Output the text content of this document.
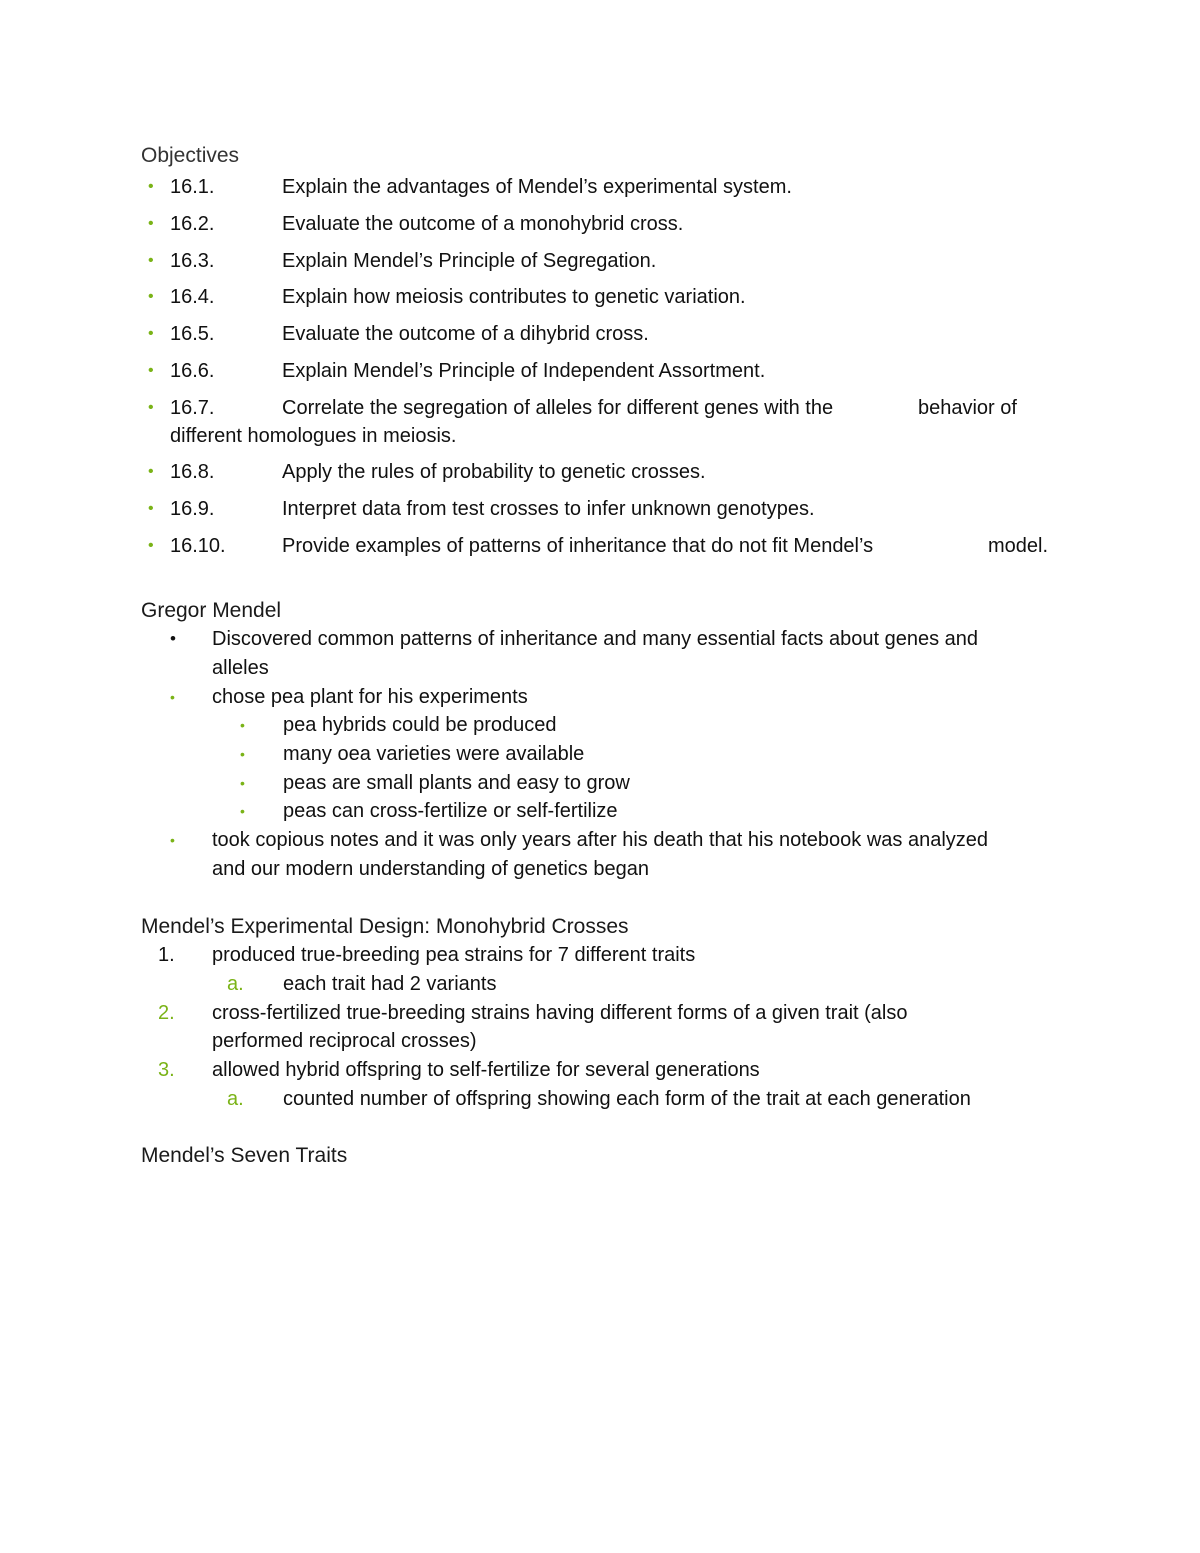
Objectives
• 16.1.	Explain the advantages of Mendel’s experimental system.
• 16.2.	Evaluate the outcome of a monohybrid cross.
• 16.3.	Explain Mendel’s Principle of Segregation.
• 16.4.	Explain how meiosis contributes to genetic variation.
• 16.5.	Evaluate the outcome of a dihybrid cross.
• 16.6.	Explain Mendel’s Principle of Independent Assortment.
• 16.7.	Correlate the segregation of alleles for different genes with the	behavior of
different homologues in meiosis.
• 16.8.	Apply the rules of probability to genetic crosses.
• 16.9.	Interpret data from test crosses to infer unknown genotypes.
• 16.10.	Provide examples of patterns of inheritance that do not fit Mendel’s	model.
Gregor Mendel
• Discovered common patterns of inheritance and many essential facts about genes and
alleles
• chose pea plant for his experiments
• pea hybrids could be produced
• many oea varieties were available
• peas are small plants and easy to grow
• peas can cross-fertilize or self-fertilize
• took copious notes and it was only years after his death that his notebook was analyzed
and our modern understanding of genetics began
Mendel’s Experimental Design: Monohybrid Crosses
1. produced true-breeding pea strains for 7 different traits
a. each trait had 2 variants
2. cross-fertilized true-breeding strains having different forms of a given trait (also
performed reciprocal crosses)
3. allowed hybrid offspring to self-fertilize for several generations
a. counted number of offspring showing each form of the trait at each generation
Mendel’s Seven Traits
